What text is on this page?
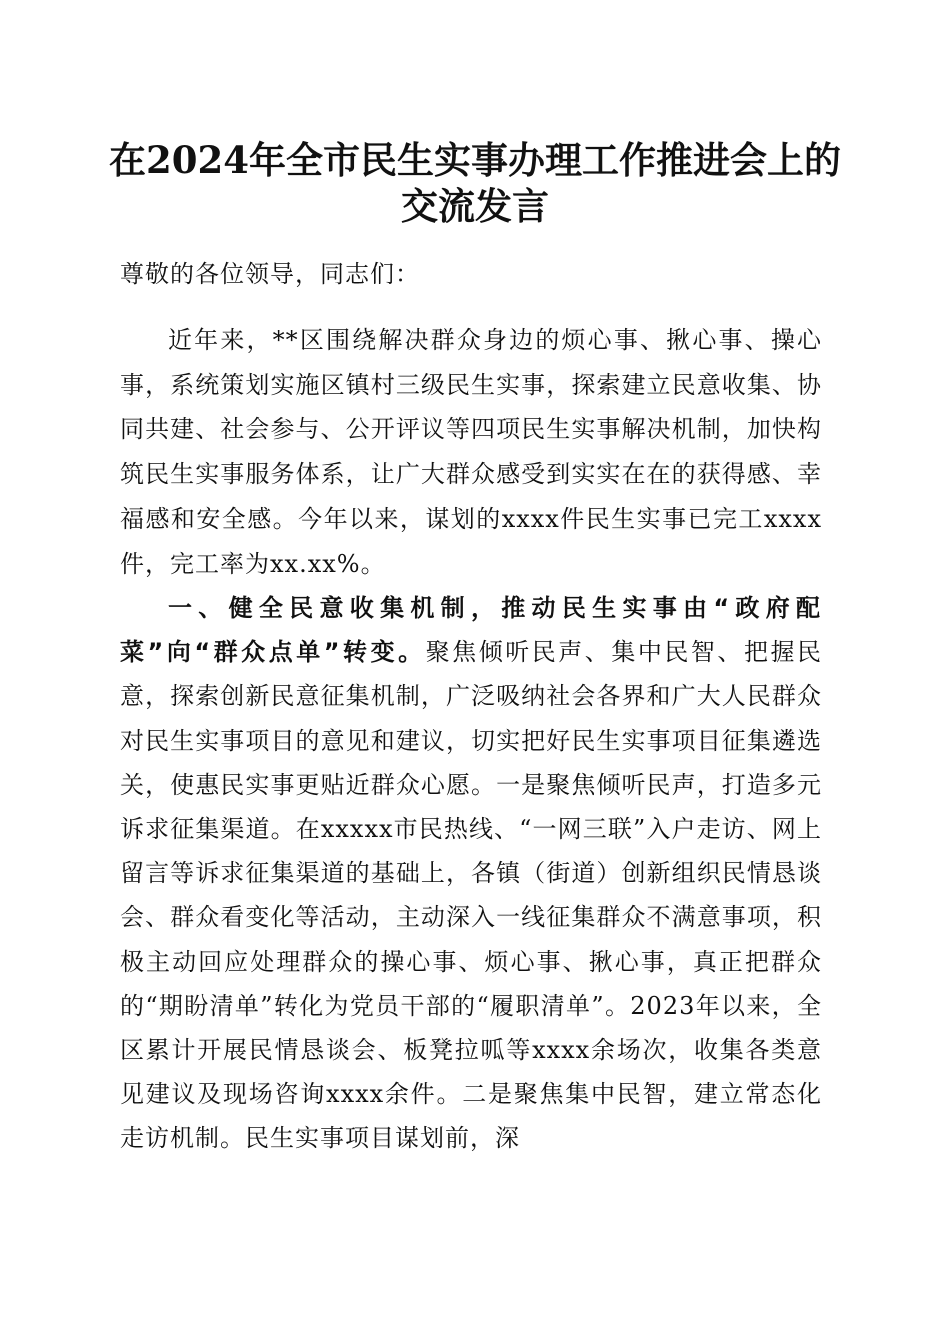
在2024年全市民生实事办理工作推进会上的
交流发言

尊敬的各位领导，同志们：

近年来，**区围绕解决群众身边的烦心事、揪心事、操心事，系统策划实施区镇村三级民生实事，探索建立民意收集、协同共建、社会参与、公开评议等四项民生实事解决机制，加快构筑民生实事服务体系，让广大群众感受到实实在在的获得感、幸福感和安全感。今年以来，谋划的xxxx件民生实事已完工xxxx件，完工率为xx.xx%。

一、健全民意收集机制，推动民生实事由“政府配菜”向“群众点单”转变。聚焦倾听民声、集中民智、把握民意，探索创新民意征集机制，广泛吸纳社会各界和广大人民群众对民生实事项目的意见和建议，切实把好民生实事项目征集遴选关，使惠民实事更贴近群众心愿。一是聚焦倾听民声，打造多元诉求征集渠道。在xxxxx市民热线、“一网三联”入户走访、网上留言等诉求征集渠道的基础上，各镇（街道）创新组织民情恳谈会、群众看变化等活动，主动深入一线征集群众不满意事项，积极主动回应处理群众的操心事、烦心事、揪心事，真正把群众的“期盼清单”转化为党员干部的“履职清单”。2023年以来，全区累计开展民情恳谈会、板凳拉呱等xxxx余场次，收集各类意见建议及现场咨询xxxx余件。二是聚焦集中民智，建立常态化走访机制。民生实事项目谋划前，深
